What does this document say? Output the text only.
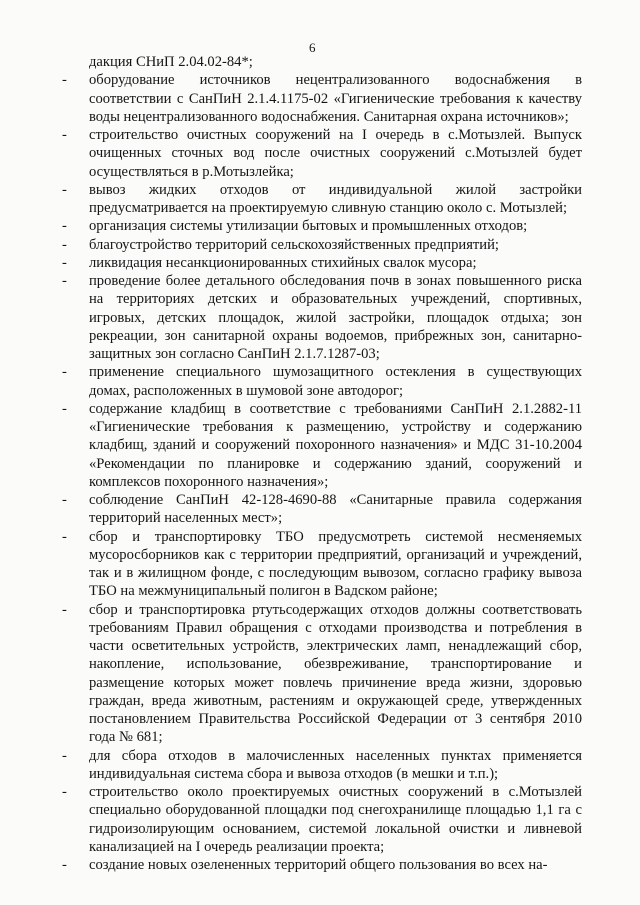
6

дакция СНиП 2.04.02-84*;

-	оборудование источников нецентрализованного водоснабжения в соответствии с СанПиН 2.1.4.1175-02 «Гигиенические требования к качеству воды нецентрализованного водоснабжения. Санитарная охрана источников»;
-	строительство очистных сооружений на I очередь в с.Мотызлей. Выпуск очищенных сточных вод после очистных сооружений с.Мотызлей будет осуществляться в р.Мотызлейка;
-	вывоз жидких отходов от индивидуальной жилой застройки предусматривается на проектируемую сливную станцию около с. Мотызлей;
-	организация системы утилизации бытовых и промышленных отходов;
-	благоустройство территорий сельскохозяйственных предприятий;
-	ликвидация несанкционированных стихийных свалок мусора;
-	проведение более детального обследования почв в зонах повышенного риска на территориях детских и образовательных учреждений, спортивных, игровых, детских площадок, жилой застройки, площадок отдыха; зон рекреации, зон санитарной охраны водоемов, прибрежных зон, санитарно-защитных зон согласно СанПиН 2.1.7.1287-03;
-	применение специального шумозащитного остекления в существующих домах, расположенных в шумовой зоне автодорог;
-	содержание кладбищ в соответствие с требованиями СанПиН 2.1.2882-11 «Гигиенические требования к размещению, устройству и содержанию кладбищ, зданий и сооружений похоронного назначения» и МДС 31-10.2004 «Рекомендации по планировке и содержанию зданий, сооружений и комплексов похоронного назначения»;
-	соблюдение СанПиН 42-128-4690-88 «Санитарные правила содержания территорий населенных мест»;
-	сбор и транспортировку ТБО предусмотреть системой несменяемых мусоросборников как с территории предприятий, организаций и учреждений, так и в жилищном фонде, с последующим вывозом, согласно графику вывоза ТБО на межмуниципальный полигон в Вадском районе;
-	сбор и транспортировка ртутьсодержащих отходов должны соответствовать требованиям Правил обращения с отходами производства и потребления в части осветительных устройств, электрических ламп, ненадлежащий сбор, накопление, использование, обезвреживание, транспортирование и размещение которых может повлечь причинение вреда жизни, здоровью граждан, вреда животным, растениям и окружающей среде, утвержденных постановлением Правительства Российской Федерации от 3 сентября 2010 года № 681;
-	для сбора отходов в малочисленных населенных пунктах применяется индивидуальная система сбора и вывоза отходов (в мешки и т.п.);
-	строительство около проектируемых очистных сооружений в с.Мотызлей специально оборудованной площадки под снегохранилище площадью 1,1 га с гидроизолирующим основанием, системой локальной очистки и ливневой канализацией на I очередь реализации проекта;
-	создание новых озелененных территорий общего пользования во всех на-
